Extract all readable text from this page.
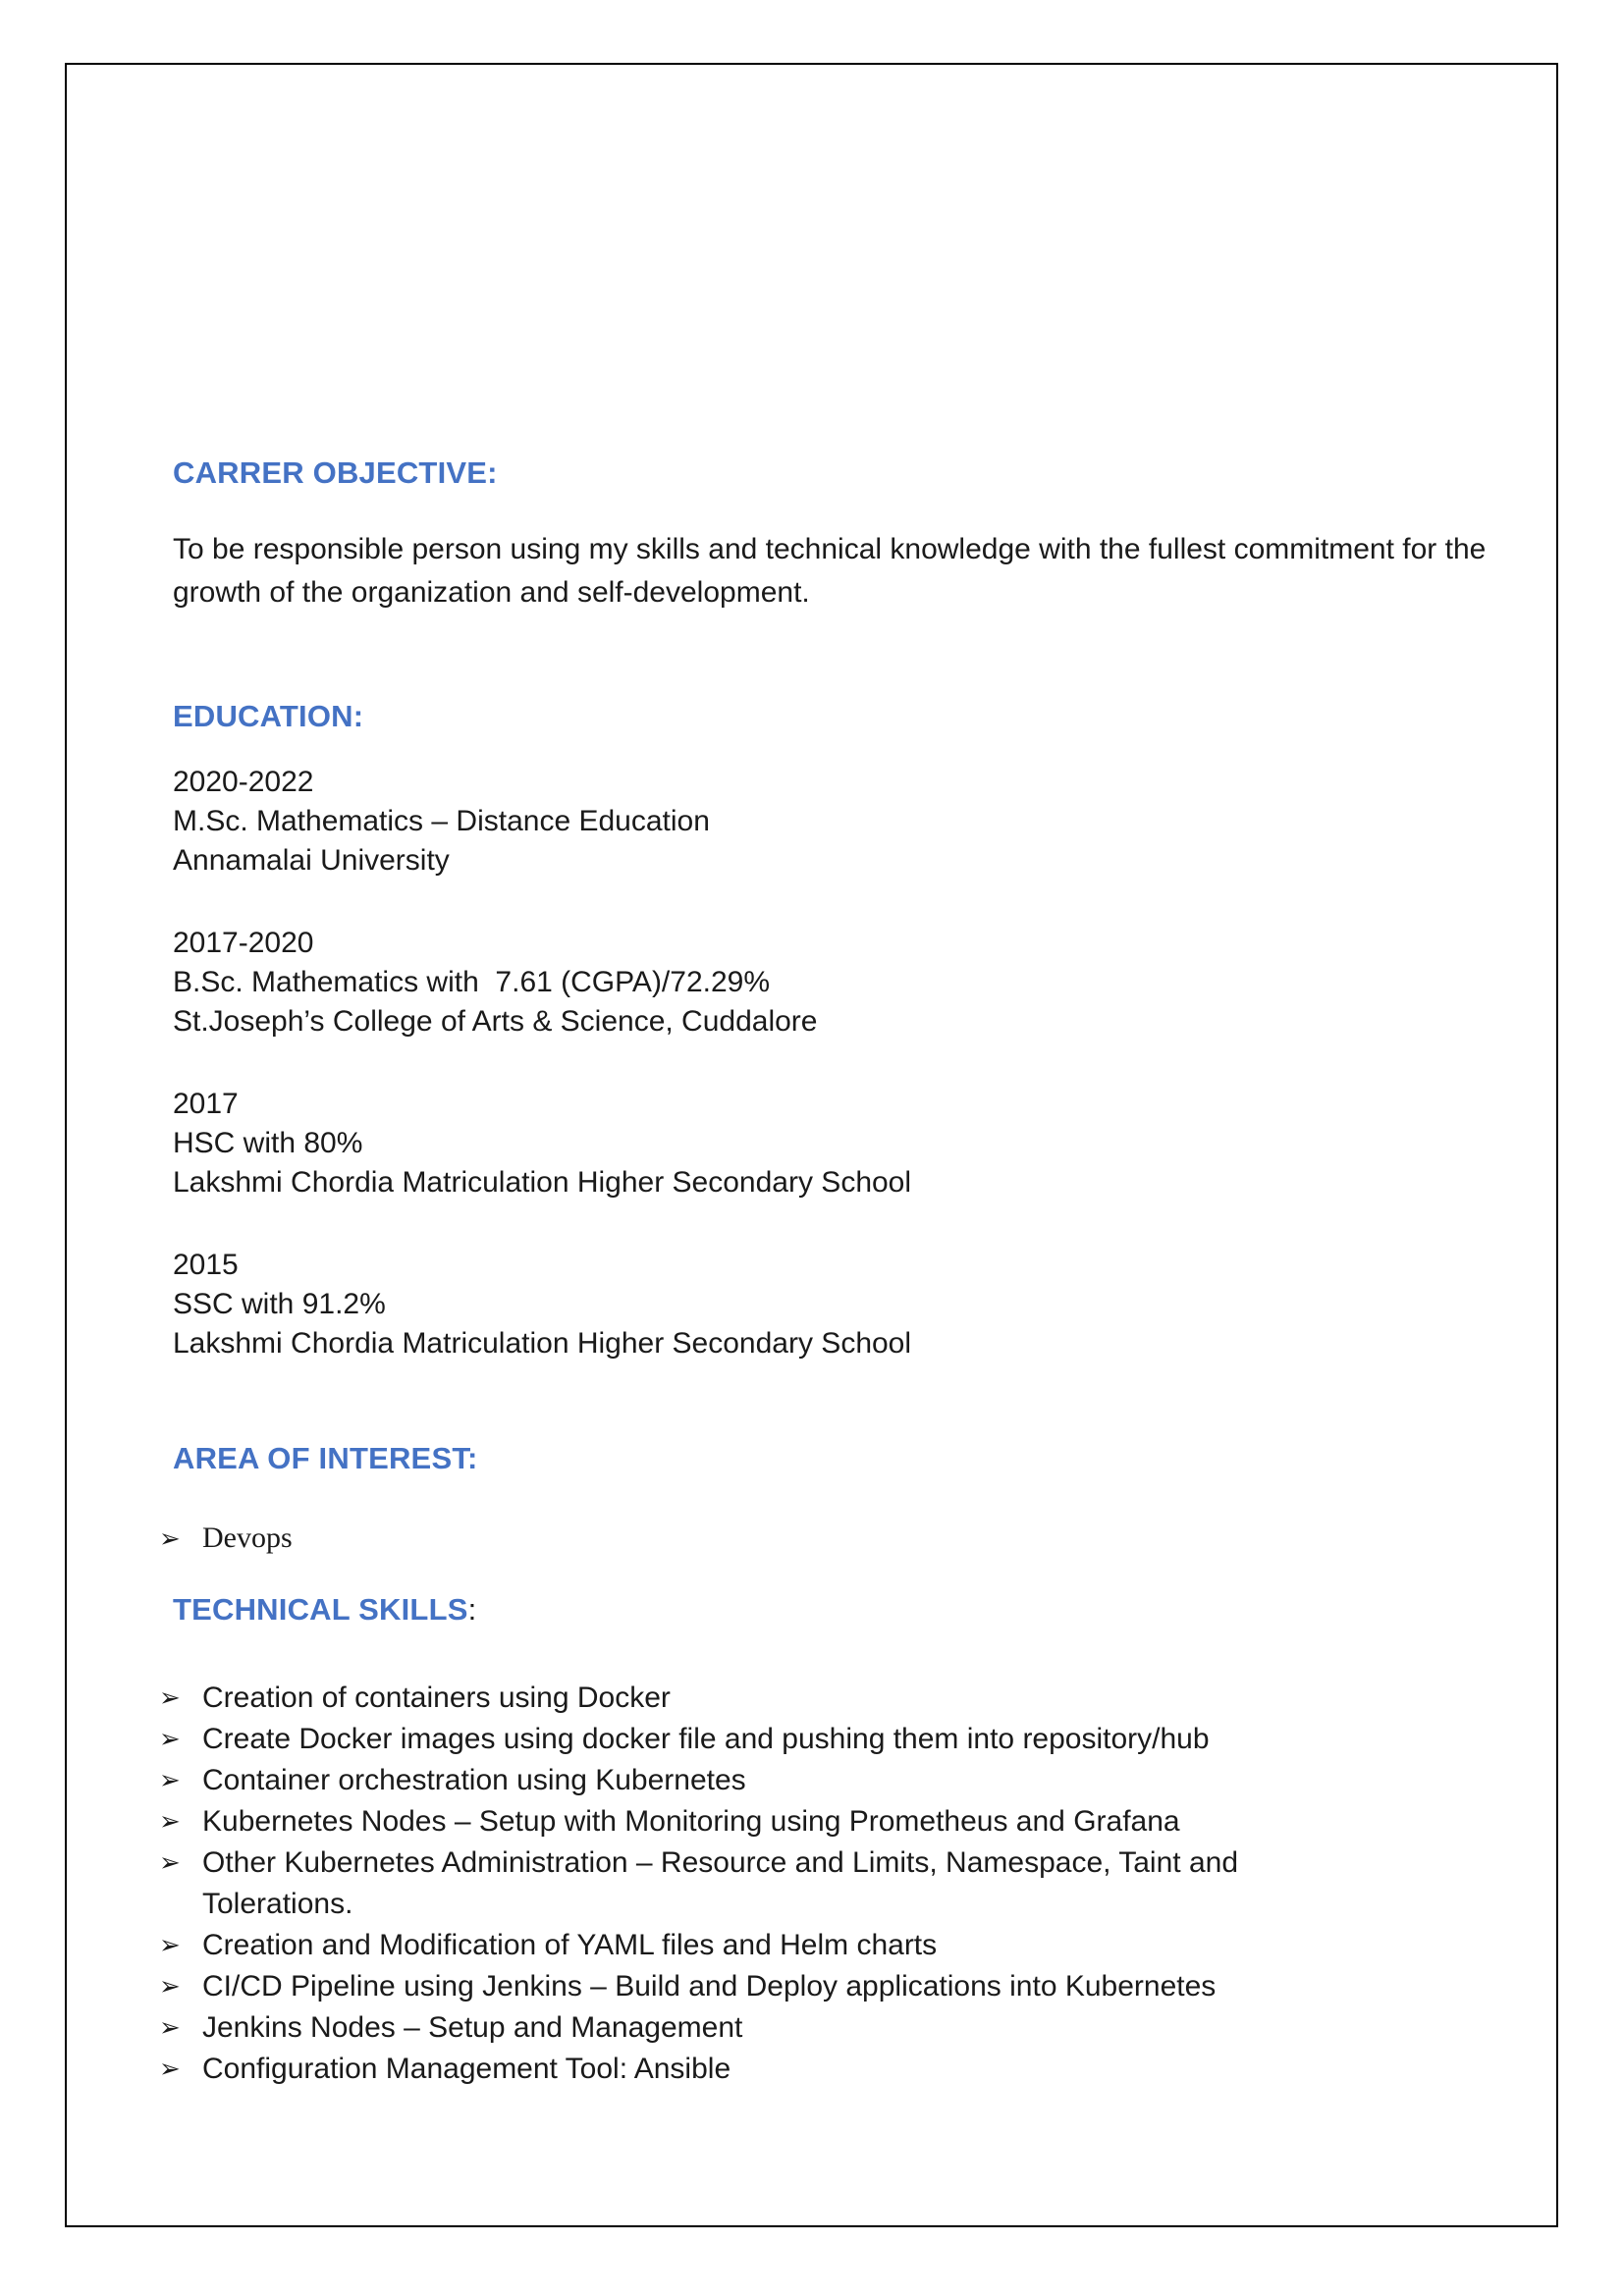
CARRER OBJECTIVE:
To be responsible person using my skills and technical knowledge with the fullest commitment for the growth of the organization and self-development.
EDUCATION:
2020-2022
M.Sc. Mathematics – Distance Education
Annamalai University
2017-2020
B.Sc. Mathematics with  7.61 (CGPA)/72.29%
St.Joseph’s College of Arts & Science, Cuddalore
2017
HSC with 80%
Lakshmi Chordia Matriculation Higher Secondary School
2015
SSC with 91.2%
Lakshmi Chordia Matriculation Higher Secondary School
AREA OF INTEREST:
➢ Devops
TECHNICAL SKILLS:
➢ Creation of containers using Docker
➢ Create Docker images using docker file and pushing them into repository/hub
➢ Container orchestration using Kubernetes
➢ Kubernetes Nodes – Setup with Monitoring using Prometheus and Grafana
➢ Other Kubernetes Administration – Resource and Limits, Namespace, Taint and Tolerations.
➢ Creation and Modification of YAML files and Helm charts
➢ CI/CD Pipeline using Jenkins – Build and Deploy applications into Kubernetes
➢ Jenkins Nodes – Setup and Management
➢ Configuration Management Tool: Ansible
